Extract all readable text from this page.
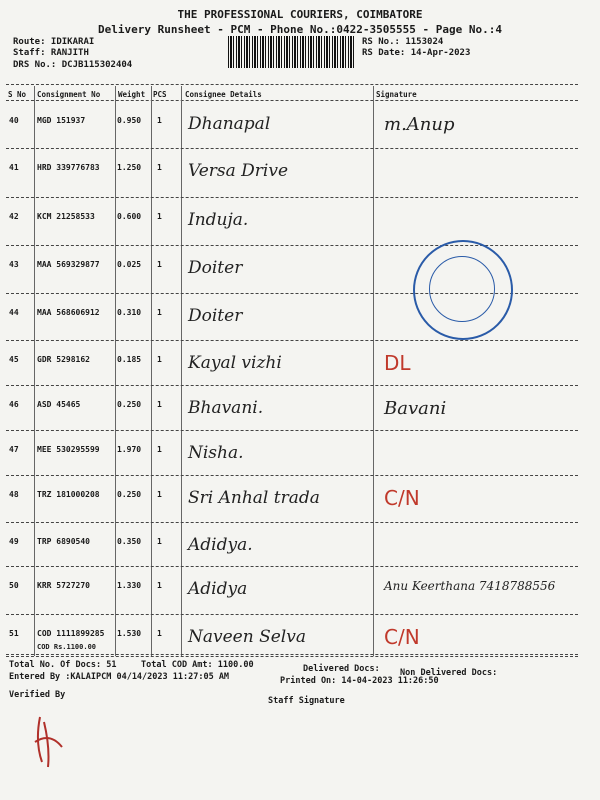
THE PROFESSIONAL COURIERS, COIMBATORE
Delivery Runsheet - PCM - Phone No.:0422-3505555 - Page No.:4
Route: IDIKARAI
Staff: RANJITH
DRS No.: DCJB115302404
RS No.: 1153024
RS Date: 14-Apr-2023
S No Consignment No Weight PCS Consignee Details	Signature
40 MGD 151937	0.950 1 Dhanapal	m.Anup
41 HRD 339776783 1.250 1 Versa Drive
42 KCM 21258533	0.600 1 Induja.
43 MAA 569329877 0.025 1 Doiter
44 MAA 568606912 0.310 1 Doiter
45 GDR 5298162	0.185 1 Kayal vizhi	DL
46 ASD 45465	0.250 1 Bhavani.	Bavani
47 MEE 530295599 1.970 1 Nisha.
48 TRZ 181000208 0.250 1 Sri Anhal trada	C/N
49 TRP 6890540	0.350 1 Adidya.
50 KRR 5727270	1.330 1 Adidya	Anu Keerthana 7418788556
51 COD 1111899285 1.530 1 Naveen Selva	C/N
COD Rs.1100.00
Total No. Of Docs: 51	Total COD Amt: 1100.00	Delivered Docs: Non Delivered Docs:
Entered By :KALAIPCM 04/14/2023 11:27:05 AM	Printed On: 14-04-2023 11:26:50
Verified By
Staff Signature
